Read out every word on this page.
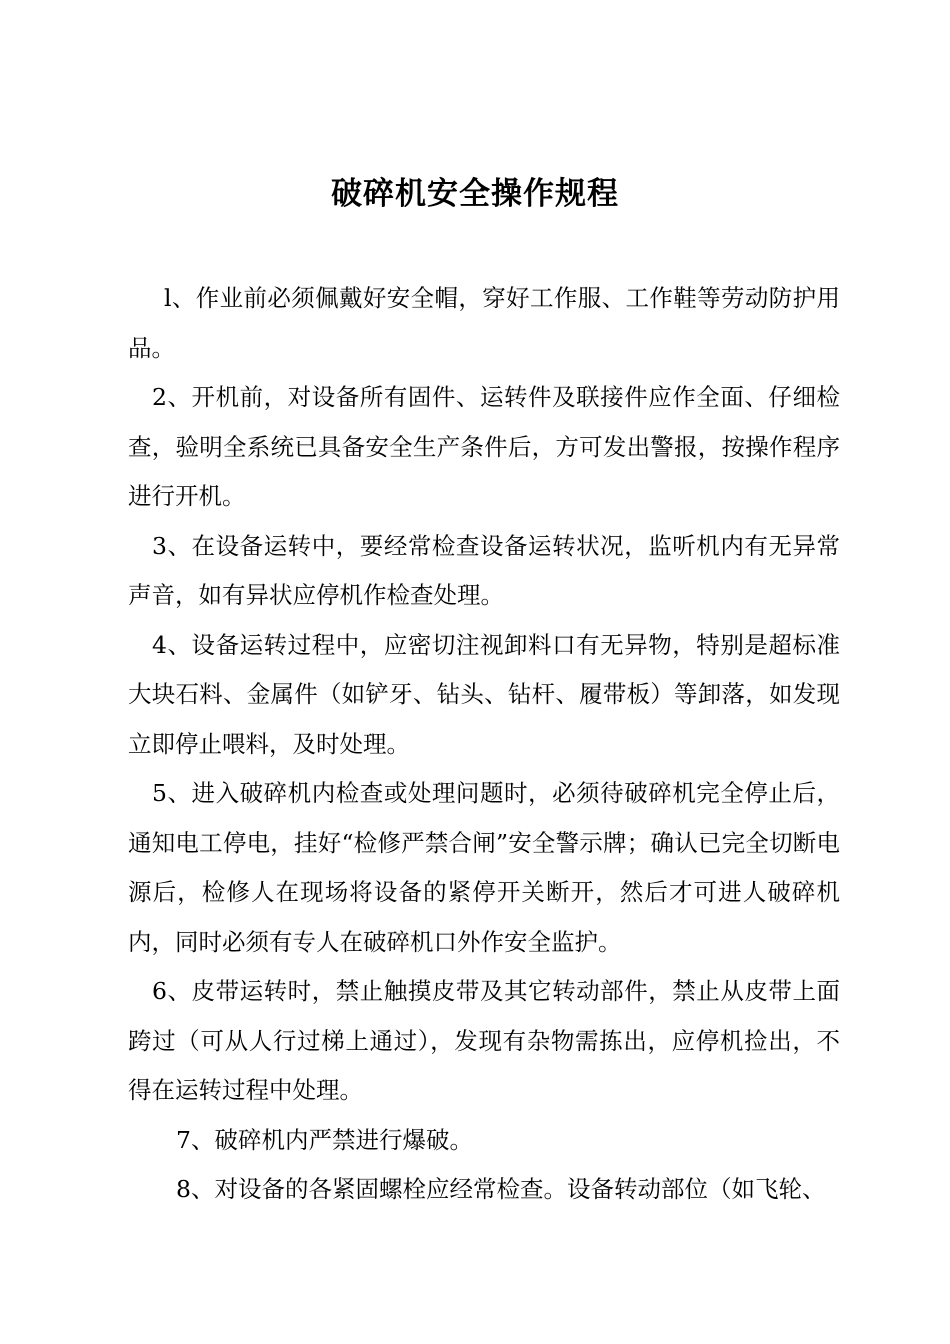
破碎机安全操作规程

l、作业前必须佩戴好安全帽，穿好工作服、工作鞋等劳动防护用品。

2、开机前，对设备所有固件、运转件及联接件应作全面、仔细检查，验明全系统已具备安全生产条件后，方可发出警报，按操作程序进行开机。

3、在设备运转中，要经常检查设备运转状况，监听机内有无异常声音，如有异状应停机作检查处理。

4、设备运转过程中，应密切注视卸料口有无异物，特别是超标准大块石料、金属件（如铲牙、钻头、钻杆、履带板）等卸落，如发现立即停止喂料，及时处理。

5、进入破碎机内检查或处理问题时，必须待破碎机完全停止后，通知电工停电，挂好“检修严禁合闸”安全警示牌；确认已完全切断电源后，检修人在现场将设备的紧停开关断开，然后才可进人破碎机内，同时必须有专人在破碎机口外作安全监护。

6、皮带运转时，禁止触摸皮带及其它转动部件，禁止从皮带上面跨过（可从人行过梯上通过），发现有杂物需拣出，应停机捡出，不得在运转过程中处理。

7、破碎机内严禁进行爆破。

8、对设备的各紧固螺栓应经常检查。设备转动部位（如飞轮、
